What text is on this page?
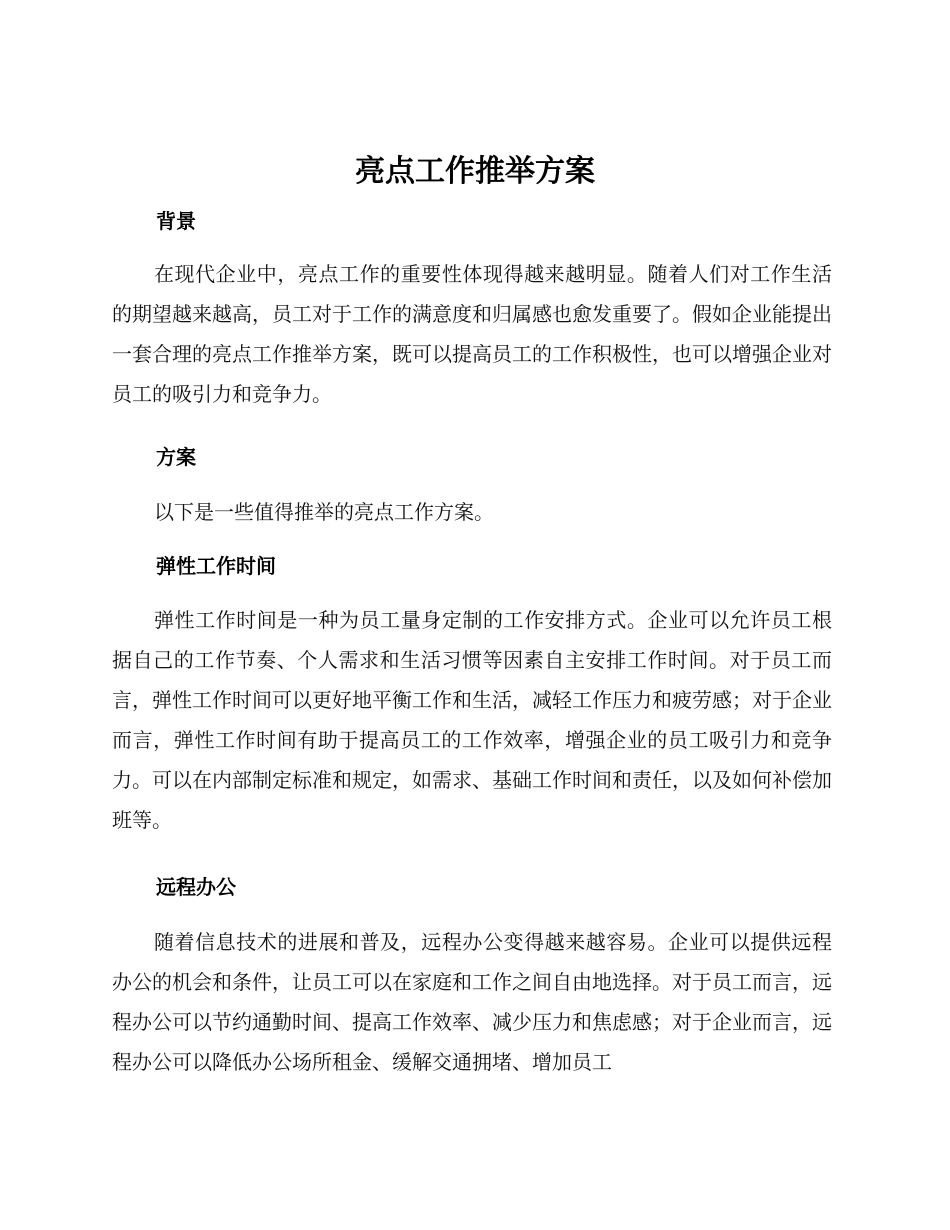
亮点工作推举方案
背景

在现代企业中，亮点工作的重要性体现得越来越明显。随着人们对工作生活的期望越来越高，员工对于工作的满意度和归属感也愈发重要了。假如企业能提出一套合理的亮点工作推举方案，既可以提高员工的工作积极性，也可以增强企业对员工的吸引力和竞争力。

方案

以下是一些值得推举的亮点工作方案。

弹性工作时间

弹性工作时间是一种为员工量身定制的工作安排方式。企业可以允许员工根据自己的工作节奏、个人需求和生活习惯等因素自主安排工作时间。对于员工而言，弹性工作时间可以更好地平衡工作和生活，减轻工作压力和疲劳感；对于企业而言，弹性工作时间有助于提高员工的工作效率，增强企业的员工吸引力和竞争力。可以在内部制定标准和规定，如需求、基础工作时间和责任，以及如何补偿加班等。

远程办公

随着信息技术的进展和普及，远程办公变得越来越容易。企业可以提供远程办公的机会和条件，让员工可以在家庭和工作之间自由地选择。对于员工而言，远程办公可以节约通勤时间、提高工作效率、减少压力和焦虑感；对于企业而言，远程办公可以降低办公场所租金、缓解交通拥堵、增加员工
